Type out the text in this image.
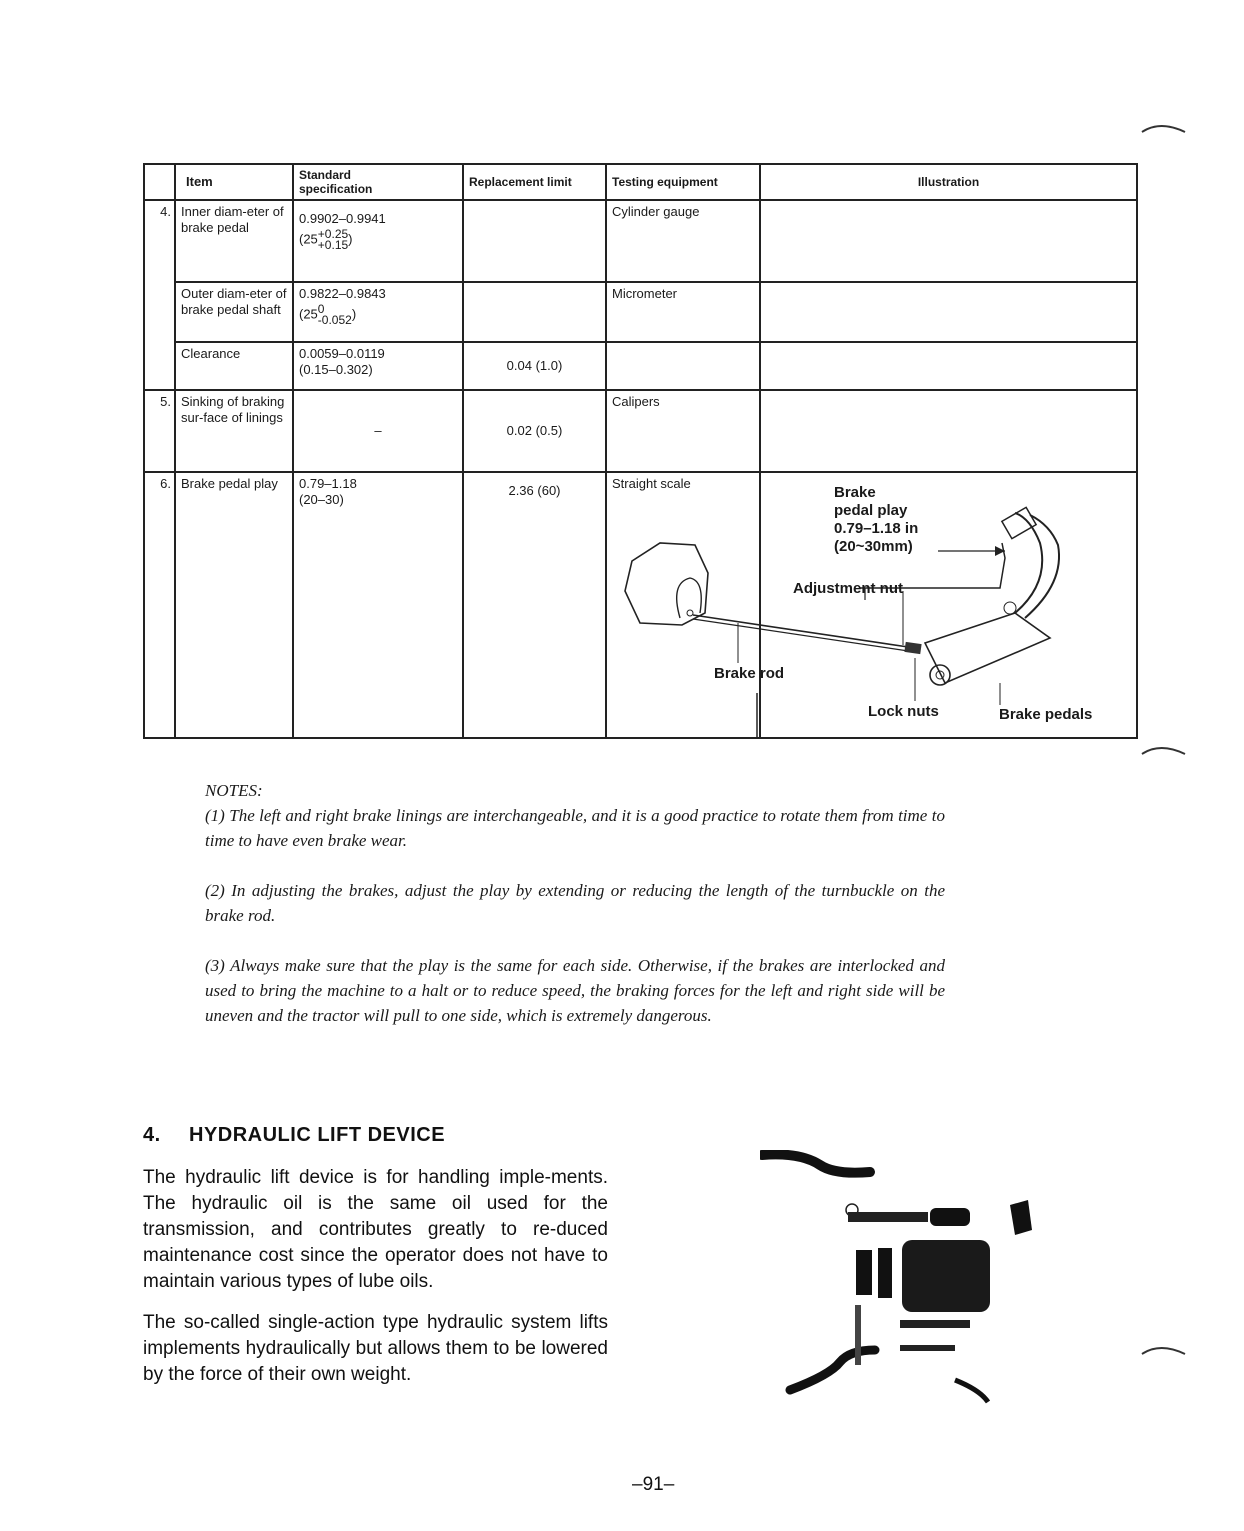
	Item	Standard specification	Replacement limit	Testing equipment	Illustration
4.	Inner diam-eter of brake pedal	0.9902–0.9941
(25 +0.25
+0.15 )		Cylinder gauge	
	Outer diam-eter of brake pedal shaft	0.9822–0.9843
(25 0
-0.052 )		Micrometer	
	Clearance	0.0059–0.0119
(0.15–0.302)	0.04 (1.0)		
5.	Sinking of braking sur-face of linings	–	0.02 (0.5)	Calipers	
6.	Brake pedal play	0.79–1.18
(20–30)	2.36 (60)	Straight scale	
Brake
pedal play
0.79–1.18 in
(20~30mm)
Adjustment nut
Brake rod
Lock nuts	Brake pedals

NOTES:

(1) The left and right brake linings are interchangeable, and it is a good practice to rotate them from time to time to have even brake wear.

(2) In adjusting the brakes, adjust the play by extending or reducing the length of the turnbuckle on the brake rod.

(3) Always make sure that the play is the same for each side. Otherwise, if the brakes are interlocked and used to bring the machine to a halt or to reduce speed, the braking forces for the left and right side will be uneven and the tractor will pull to one side, which is extremely dangerous.

4. HYDRAULIC LIFT DEVICE

The hydraulic lift device is for handling imple-ments. The hydraulic oil is the same oil used for the transmission, and contributes greatly to re-duced maintenance cost since the operator does not have to maintain various types of lube oils.

The so-called single-action type hydraulic system lifts implements hydraulically but allows them to be lowered by the force of their own weight.

–91–
